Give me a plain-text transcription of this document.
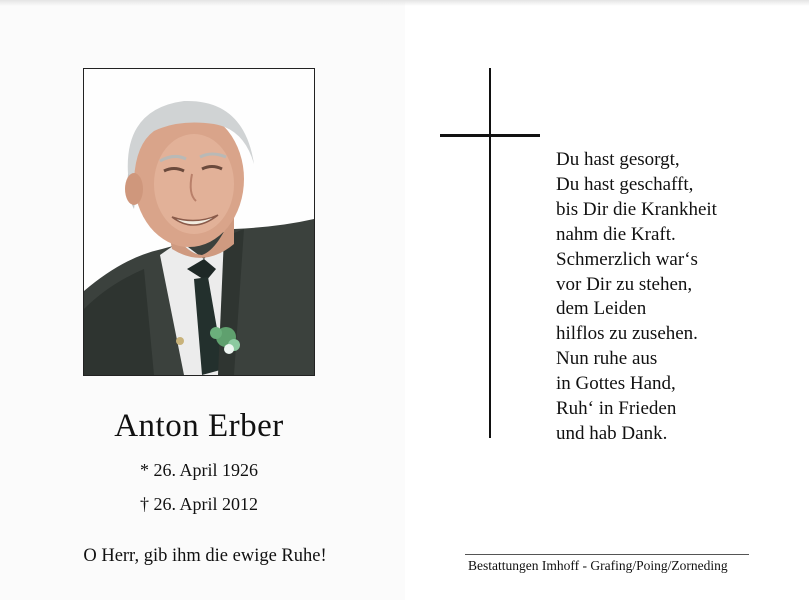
Anton Erber
* 26. April 1926
† 26. April 2012
O Herr, gib ihm die ewige Ruhe!
Du hast gesorgt,
Du hast geschafft,
bis Dir die Krankheit
nahm die Kraft.
Schmerzlich war‘s
vor Dir zu stehen,
dem Leiden
hilflos zu zusehen.
Nun ruhe aus
in Gottes Hand,
Ruh‘ in Frieden
und hab Dank.
Bestattungen Imhoff - Grafing/Poing/Zorneding
